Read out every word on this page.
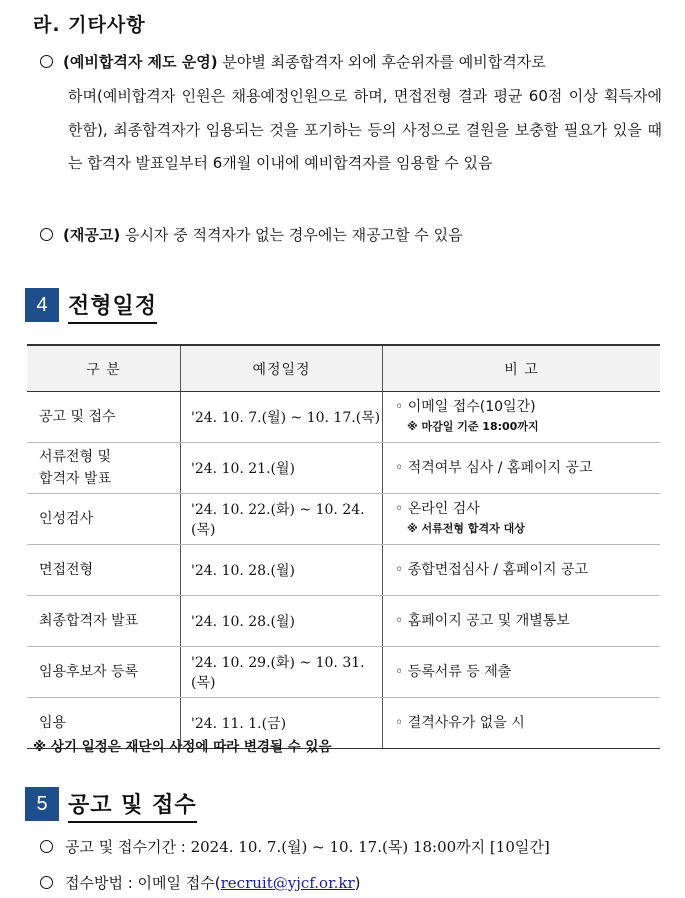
라. 기타사항
(예비합격자 제도 운영) 분야별 최종합격자 외에 후순위자를 예비합격자로
하며(예비합격자 인원은 채용예정인원으로 하며, 면접전형 결과 평균 60점 이상 획득자에 한함), 최종합격자가 임용되는 것을 포기하는 등의 사정으로 결원을 보충할 필요가 있을 때는 합격자 발표일부터 6개월 이내에 예비합격자를 임용할 수 있음
(재공고) 응시자 중 적격자가 없는 경우에는 재공고할 수 있음
4 전형일정
구 분	예정일정	비 고
공고 및 접수	'24. 10. 7.(월) ~ 10. 17.(목)	◦ 이메일 접수(10일간)
※ 마감일 기준 18:00까지

서류전형 및
합격자 발표	'24. 10. 21.(월)	◦ 적격여부 심사 / 홈페이지 공고
인성검사	'24. 10. 22.(화) ~ 10. 24.(목)	◦ 온라인 검사
※ 서류전형 합격자 대상

면접전형	'24. 10. 28.(월)	◦ 종합면접심사 / 홈페이지 공고
최종합격자 발표	'24. 10. 28.(월)	◦ 홈페이지 공고 및 개별통보
임용후보자 등록	'24. 10. 29.(화) ~ 10. 31.(목)	◦ 등록서류 등 제출
임용	'24. 11. 1.(금)	◦ 결격사유가 없을 시
※ 상기 일정은 재단의 사정에 따라 변경될 수 있음
5 공고 및 접수
공고 및 접수기간 : 2024. 10. 7.(월) ~ 10. 17.(목) 18:00까지 [10일간]
접수방법 : 이메일 접수(recruit@yjcf.or.kr)
